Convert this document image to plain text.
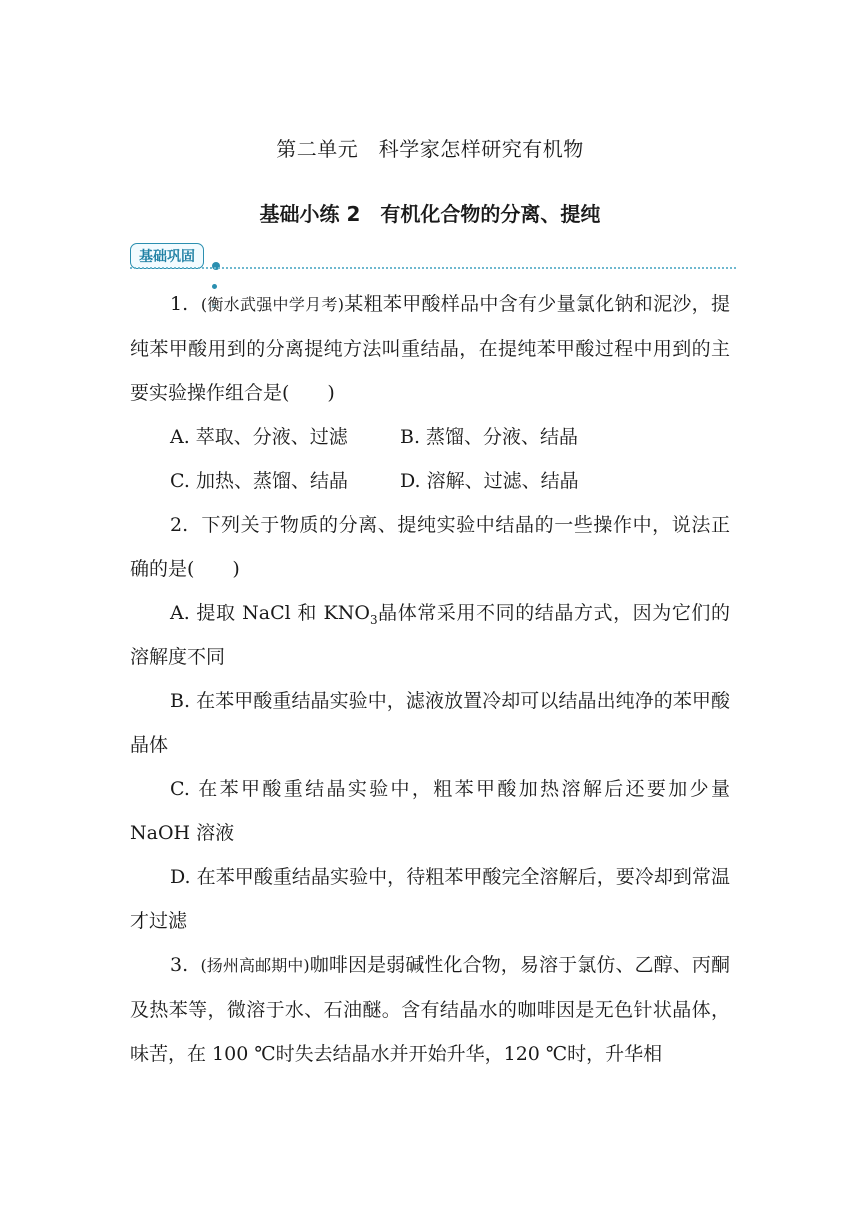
第二单元　科学家怎样研究有机物
基础小练 2　有机化合物的分离、提纯
基础巩固

1. (衡水武强中学月考)某粗苯甲酸样品中含有少量氯化钠和泥沙，提纯苯甲酸用到的分离提纯方法叫重结晶，在提纯苯甲酸过程中用到的主要实验操作组合是(　　)

A. 萃取、分液、过滤	B. 蒸馏、分液、结晶
C. 加热、蒸馏、结晶	D. 溶解、过滤、结晶

2. 下列关于物质的分离、提纯实验中结晶的一些操作中，说法正确的是(　　)

A. 提取 NaCl 和 $KNO_3$晶体常采用不同的结晶方式，因为它们的溶解度不同

B. 在苯甲酸重结晶实验中，滤液放置冷却可以结晶出纯净的苯甲酸晶体

C. 在苯甲酸重结晶实验中，粗苯甲酸加热溶解后还要加少量 NaOH 溶液

D. 在苯甲酸重结晶实验中，待粗苯甲酸完全溶解后，要冷却到常温才过滤

3. (扬州高邮期中)咖啡因是弱碱性化合物，易溶于氯仿、乙醇、丙酮及热苯等，微溶于水、石油醚。含有结晶水的咖啡因是无色针状晶体，味苦，在 100 ℃时失去结晶水并开始升华，120 ℃时，升华相
